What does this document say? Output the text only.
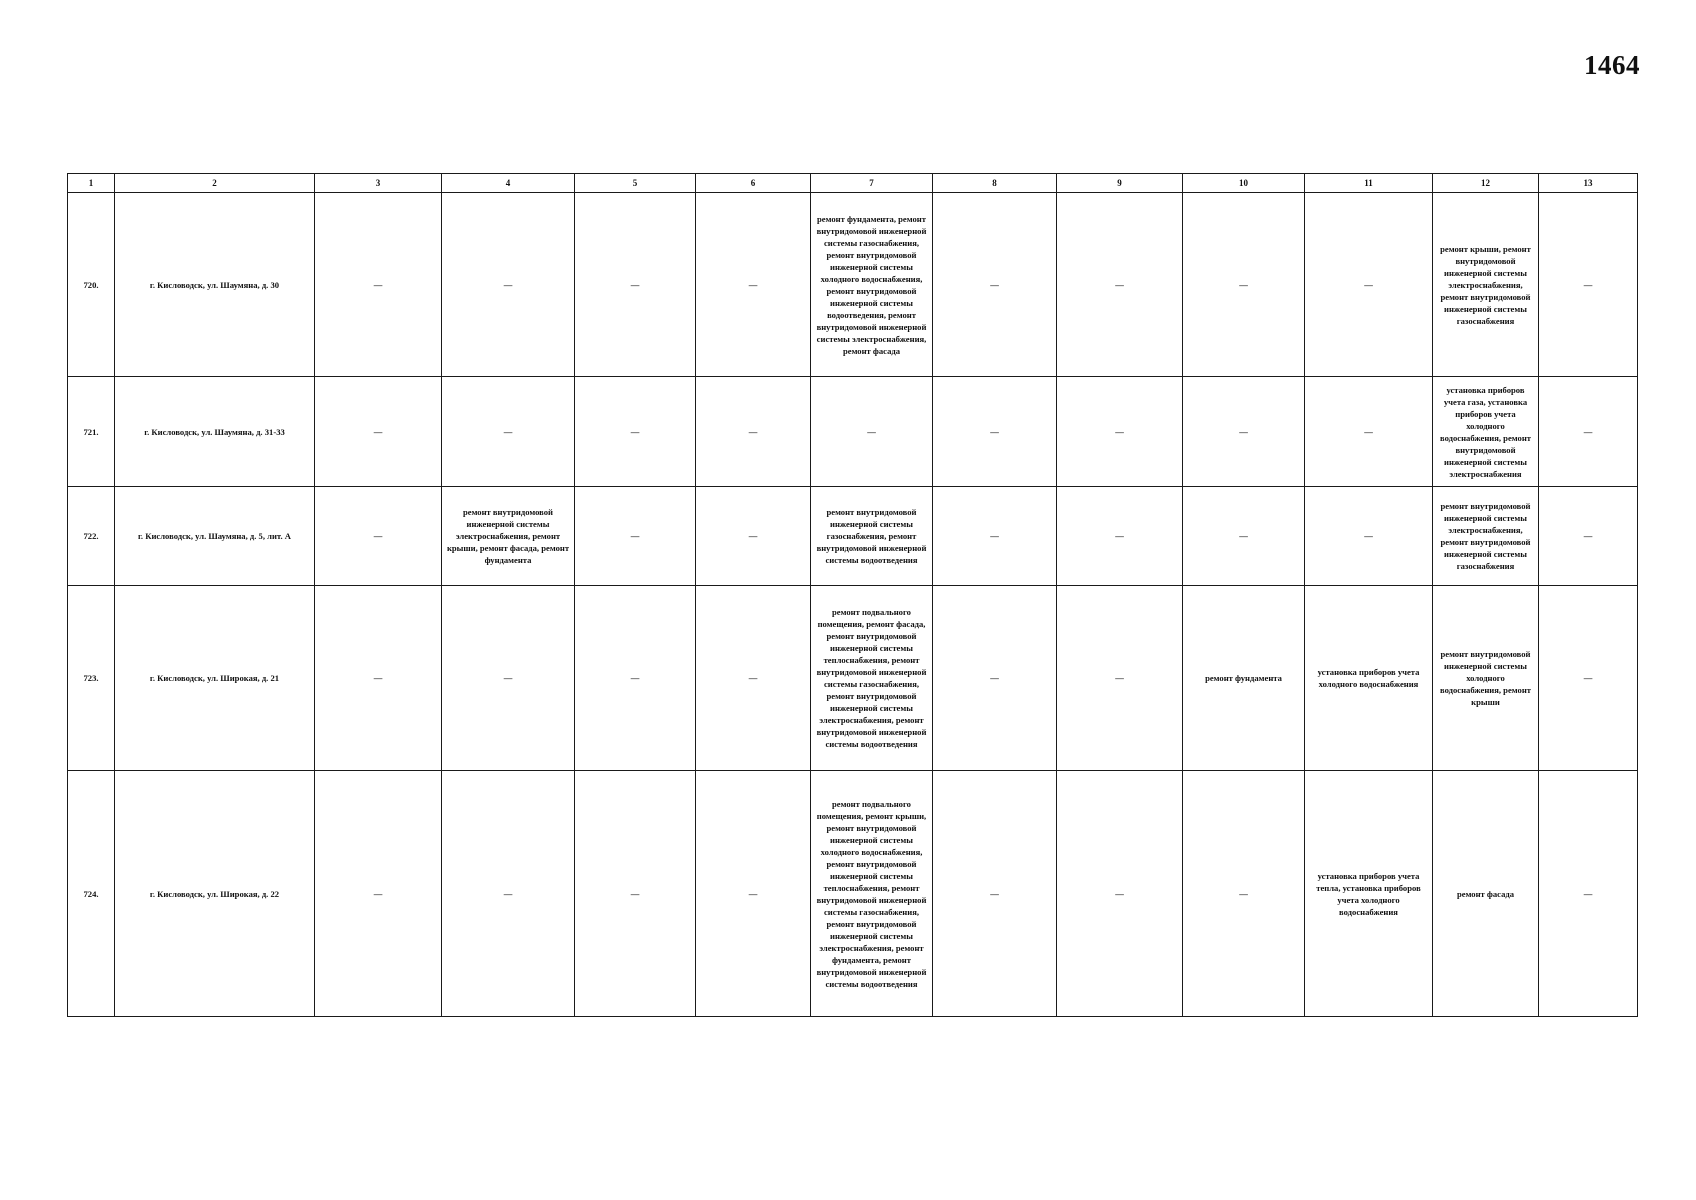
1464
1	2	3	4	5	6	7	8	9	10	11	12	13
720.	г. Кисловодск, ул. Шаумяна, д. 30	—	—	—	—	ремонт фундамента, ремонт внутридомовой инженерной системы газоснабжения, ремонт внутридомовой инженерной системы холодного водоснабжения, ремонт внутридомовой инженерной системы водоотведения, ремонт внутридомовой инженерной системы электроснабжения, ремонт фасада	—	—	—	—	ремонт крыши, ремонт внутридомовой инженерной системы электроснабжения, ремонт внутридомовой инженерной системы газоснабжения	—
721.	г. Кисловодск, ул. Шаумяна, д. 31-33	—	—	—	—	—	—	—	—	—	установка приборов учета газа, установка приборов учета холодного водоснабжения, ремонт внутридомовой инженерной системы электроснабжения	—
722.	г. Кисловодск, ул. Шаумяна, д. 5, лит. А	—	ремонт внутридомовой инженерной системы электроснабжения, ремонт крыши, ремонт фасада, ремонт фундамента	—	—	ремонт внутридомовой инженерной системы газоснабжения, ремонт внутридомовой инженерной системы водоотведения	—	—	—	—	ремонт внутридомовой инженерной системы электроснабжения, ремонт внутридомовой инженерной системы газоснабжения	—
723.	г. Кисловодск, ул. Широкая, д. 21	—	—	—	—	ремонт подвального помещения, ремонт фасада, ремонт внутридомовой инженерной системы теплоснабжения, ремонт внутридомовой инженерной системы газоснабжения, ремонт внутридомовой инженерной системы электроснабжения, ремонт внутридомовой инженерной системы водоотведения	—	—	ремонт фундамента	установка приборов учета холодного водоснабжения	ремонт внутридомовой инженерной системы холодного водоснабжения, ремонт крыши	—
724.	г. Кисловодск, ул. Широкая, д. 22	—	—	—	—	ремонт подвального помещения, ремонт крыши, ремонт внутридомовой инженерной системы холодного водоснабжения, ремонт внутридомовой инженерной системы теплоснабжения, ремонт внутридомовой инженерной системы газоснабжения, ремонт внутридомовой инженерной системы электроснабжения, ремонт фундамента, ремонт внутридомовой инженерной системы водоотведения	—	—	—	установка приборов учета тепла, установка приборов учета холодного водоснабжения	ремонт фасада	—
